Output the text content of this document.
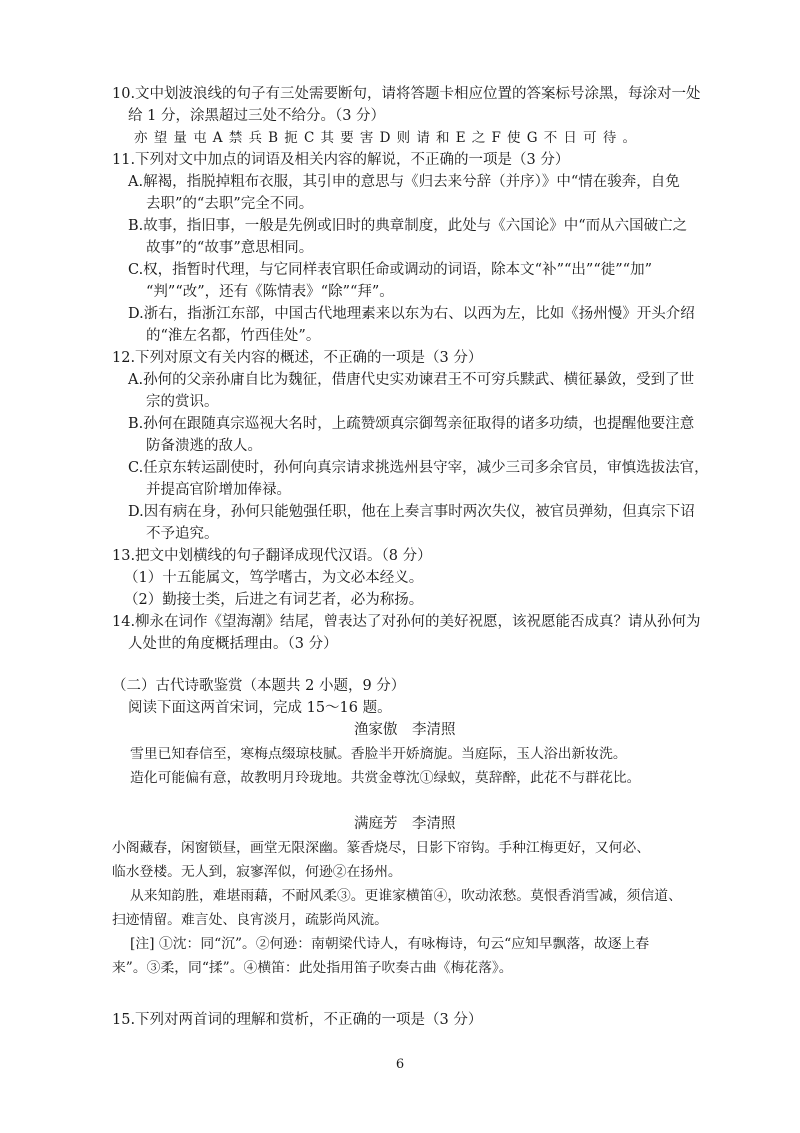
10.文中划波浪线的句子有三处需要断句，请将答题卡相应位置的答案标号涂黑，每涂对一处
给 1 分，涂黑超过三处不给分。（3 分）
亦望量屯A禁兵B扼C其要害D则请和E之F使G不日可待。
11.下列对文中加点的词语及相关内容的解说，不正确的一项是（3 分）
A.解褐，指脱掉粗布衣服，其引申的意思与《归去来兮辞（并序）》中“情在骏奔，自免
去职”的“去职”完全不同。
B.故事，指旧事，一般是先例或旧时的典章制度，此处与《六国论》中“而从六国破亡之
故事”的“故事”意思相同。
C.权，指暂时代理，与它同样表官职任命或调动的词语，除本文“补”“出”“徙”“加”
“判”“改”，还有《陈情表》“除”“拜”。
D.浙右，指浙江东部，中国古代地理素来以东为右、以西为左，比如《扬州慢》开头介绍
的“淮左名都，竹西佳处”。
12.下列对原文有关内容的概述，不正确的一项是（3 分）
A.孙何的父亲孙庸自比为魏征，借唐代史实劝谏君王不可穷兵黩武、横征暴敛，受到了世
宗的赏识。
B.孙何在跟随真宗巡视大名时，上疏赞颂真宗御驾亲征取得的诸多功绩，也提醒他要注意
防备溃逃的敌人。
C.任京东转运副使时，孙何向真宗请求挑选州县守宰，减少三司多余官员，审慎选拔法官，
并提高官阶增加俸禄。
D.因有病在身，孙何只能勉强任职，他在上奏言事时两次失仪，被官员弹劾，但真宗下诏
不予追究。
13.把文中划横线的句子翻译成现代汉语。（8 分）
（1）十五能属文，笃学嗜古，为文必本经义。
（2）勤接士类，后进之有词艺者，必为称扬。
14.柳永在词作《望海潮》结尾，曾表达了对孙何的美好祝愿，该祝愿能否成真？请从孙何为
人处世的角度概括理由。（3 分）
（二）古代诗歌鉴赏（本题共 2 小题，9 分）
阅读下面这两首宋词，完成 15～16 题。
渔家傲　李清照
雪里已知春信至，寒梅点缀琼枝腻。香脸半开娇旖旎。当庭际，玉人浴出新妆洗。
造化可能偏有意，故教明月玲珑地。共赏金尊沈①绿蚁，莫辞醉，此花不与群花比。
满庭芳　李清照
小阁藏春，闲窗锁昼，画堂无限深幽。篆香烧尽，日影下帘钩。手种江梅更好，又何必、
临水登楼。无人到，寂寥浑似，何逊②在扬州。
从来知韵胜，难堪雨藉，不耐风柔③。更谁家横笛④，吹动浓愁。莫恨香消雪减，须信道、
扫迹情留。难言处、良宵淡月，疏影尚风流。
[注] ①沈：同“沉”。②何逊：南朝梁代诗人，有咏梅诗，句云“应知早飘落，故逐上春
来”。③柔，同“揉”。④横笛：此处指用笛子吹奏古曲《梅花落》。
15.下列对两首词的理解和赏析，不正确的一项是（3 分）
6
